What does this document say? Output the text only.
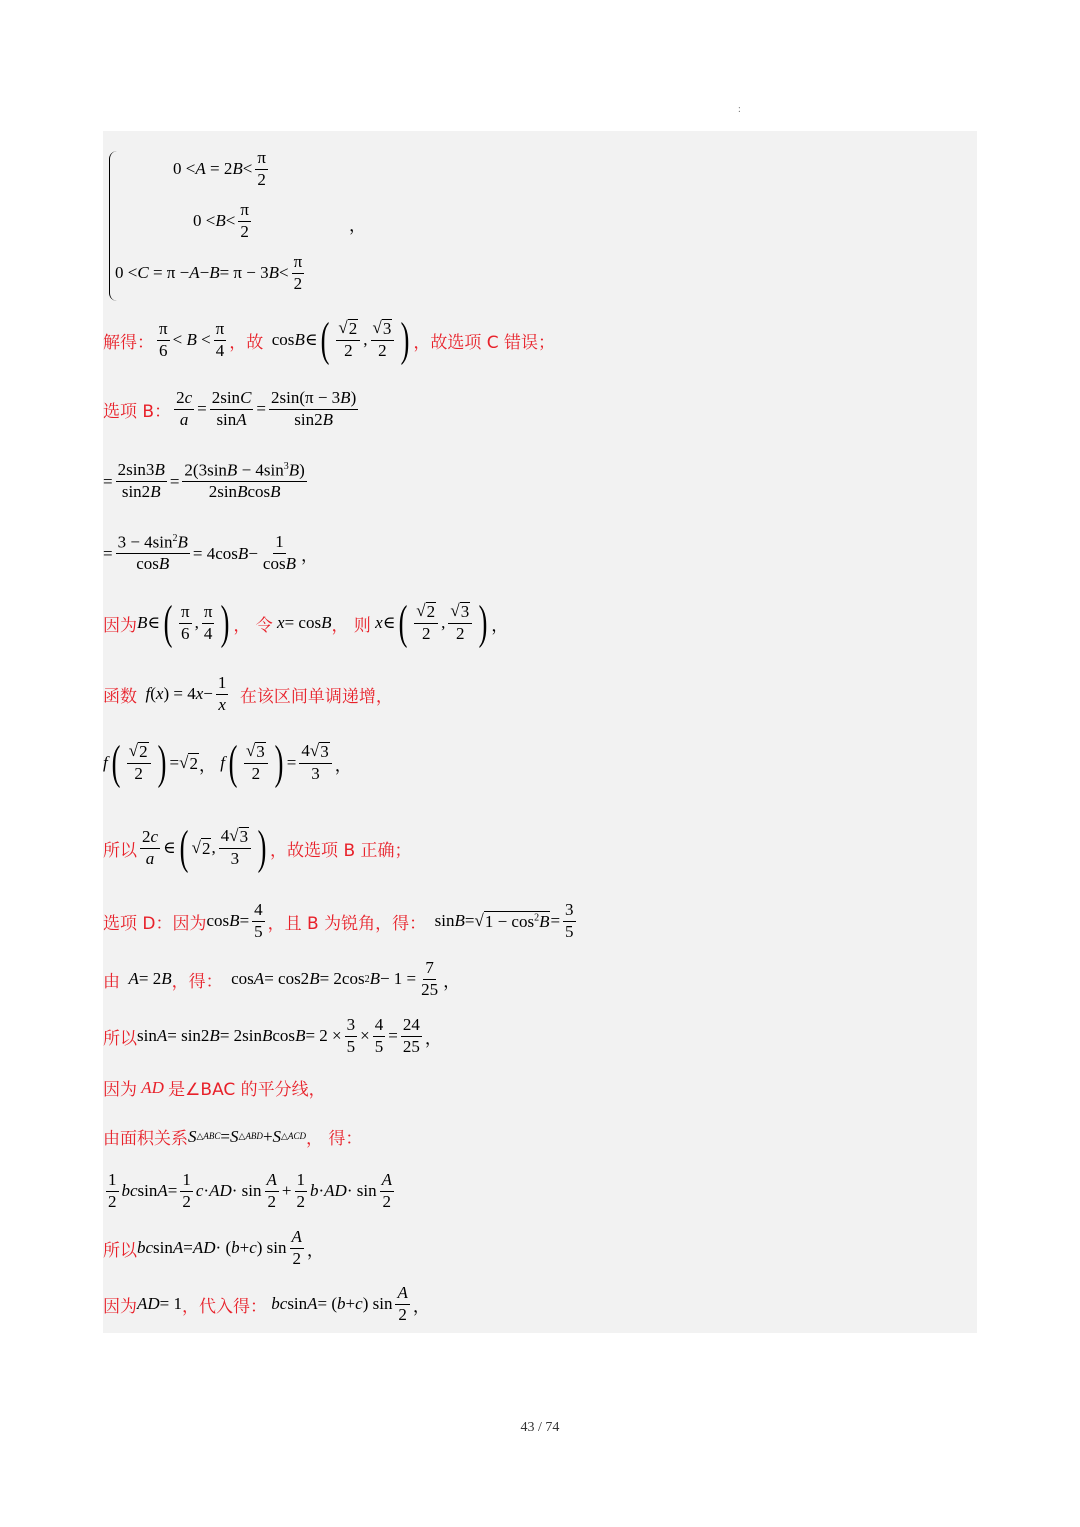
:
0 < A = 2 $B < \frac{\pi}{2}$
$0 < B < \frac{\pi}{2}$
0 < C = π − A − B = π − 3 $B < \frac{\pi}{2}$
，
解得： $\frac{\pi}{6} < B < \frac{\pi}{4}$ ，故 cos B ∈ ( $\frac{√ 2}{2}$ , $\frac{√ 3}{2}$ ) ，故选项 C 错误；
选项 B： $\frac{2c}{a} = \frac{2\sin C}{\sin A} = \frac{2\sin(\pi - 3B)}{\sin 2B}$
= $\frac{2\sin 3B}{\sin 2B} = \frac{2(3\sin B - 4\sin^3B)}{\text{2sinBcosB}}$
= $\frac{3 - 4\sin^2B}{\cos B} = 4\cos$ $B - \frac{1}{\cos B}$ ，
因为 B ∈ ( $\frac{\pi}{6}$ , $\frac{\pi}{4}$ ) ， 令
x = cos B ， 则
x ∈ ( $\frac{√ 2}{2}$ , $\frac{√ 3}{2}$ ) ，
函数
f ( x ) = 4 $x - \frac{1}{x}$
在该区间单调递增，
f ( $\frac{√ 2}{2}$ ) = √ 2 ， f ( $\frac{√ 3}{2}$ ) = $\frac{4√ 3}{3}$ ，
所以 $\frac{2c}{a}$ ∈ ( √ 2 , $\frac{4√ 3}{3}$ ) ，故选项 B 正确；
选项 D：因为 $\cos B = \frac{4}{5}$ ，且 B 为锐角，得： sin B = √ $1 - \cos^2B = \frac{3}{5}$
由
A = 2 B ，得： cos A = cos2 B = 2cos 2 $B - 1 = \frac{7}{25}$ ，
所以 sin A = sin2 B = 2sin B $\cos B = 2 \times \frac{3}{5} \times \frac{4}{5} = \frac{24}{25}$ ，
因为
AD
是∠BAC 的平分线，
由面积关系 S △ABC = S △ABD + S △ACD ， 得：
$\frac{1}{2}$ bc $\sin A = \frac{1}{2}$ c · AD · $\sin \frac{A}{2} + \frac{1}{2}$ b · AD · $\sin \frac{A}{2}$
所以 bc sin A = AD · ( b + c ) $\sin \frac{A}{2}$ ，
因为 AD = 1 ，代入得：
bc sin A = ( b + c ) $\sin \frac{A}{2}$ ，
43 / 74
